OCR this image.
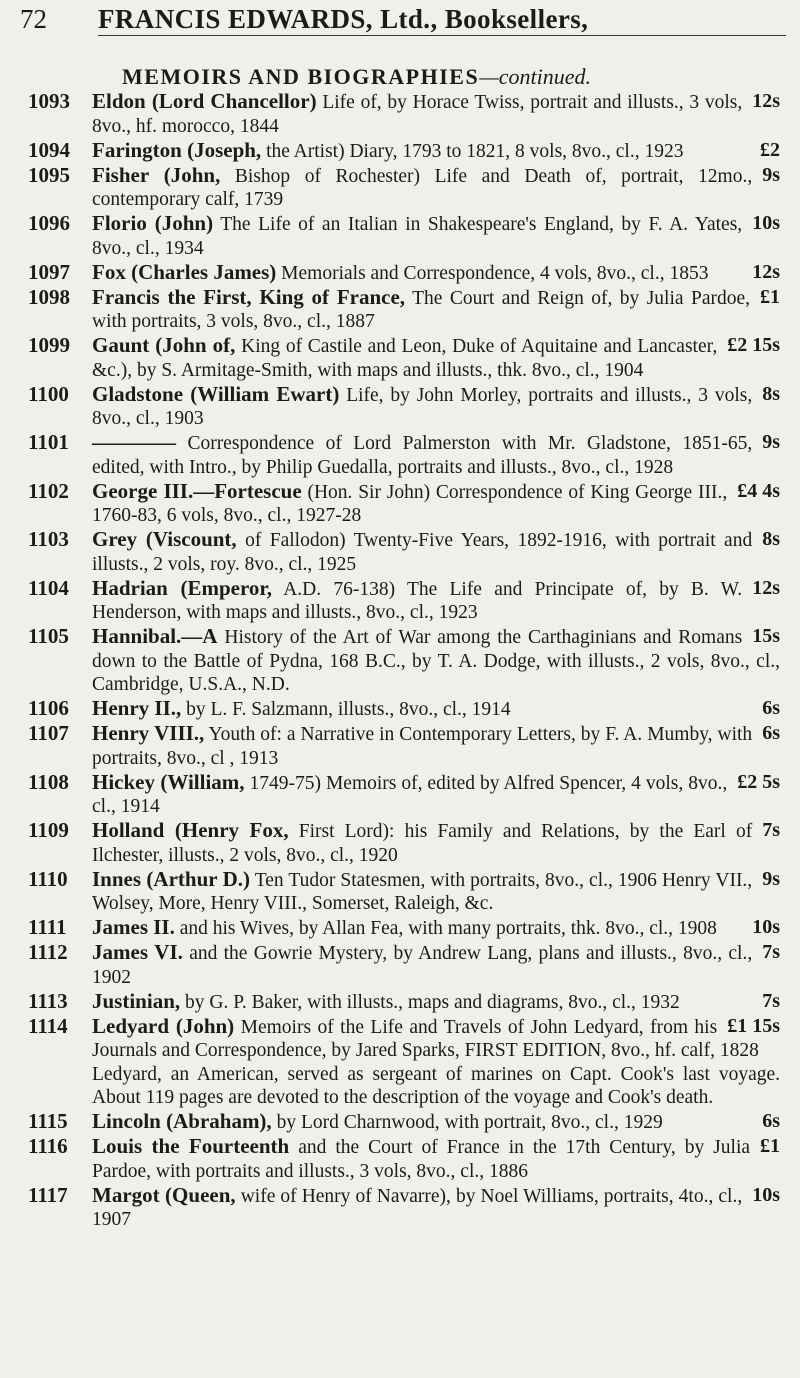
72 FRANCIS EDWARDS, Ltd., Booksellers,
MEMOIRS AND BIOGRAPHIES—continued.
1093	12s
Eldon (Lord Chancellor) Life of, by Horace Twiss, portrait and illusts., 3 vols, 8vo., hf. morocco, 1844
1094	£2
Farington (Joseph, the Artist) Diary, 1793 to 1821, 8 vols, 8vo., cl., 1923
1095	9s
Fisher (John, Bishop of Rochester) Life and Death of, portrait, 12mo., contemporary calf, 1739
1096	10s
Florio (John) The Life of an Italian in Shakespeare's England, by F. A. Yates, 8vo., cl., 1934
1097	12s
Fox (Charles James) Memorials and Correspondence, 4 vols, 8vo., cl., 1853
1098	£1
Francis the First, King of France, The Court and Reign of, by Julia Pardoe, with portraits, 3 vols, 8vo., cl., 1887
1099	£2 15s
Gaunt (John of, King of Castile and Leon, Duke of Aquitaine and Lancaster, &c.), by S. Armitage-Smith, with maps and illusts., thk. 8vo., cl., 1904
1100	8s
Gladstone (William Ewart) Life, by John Morley, portraits and illusts., 3 vols, 8vo., cl., 1903
1101	9s
———— Correspondence of Lord Palmerston with Mr. Gladstone, 1851-65, edited, with Intro., by Philip Guedalla, portraits and illusts., 8vo., cl., 1928
1102	£4 4s
George III.—Fortescue (Hon. Sir John) Correspondence of King George III., 1760-83, 6 vols, 8vo., cl., 1927-28
1103	8s
Grey (Viscount, of Fallodon) Twenty-Five Years, 1892-1916, with portrait and illusts., 2 vols, roy. 8vo., cl., 1925
1104	12s
Hadrian (Emperor, A.D. 76-138) The Life and Principate of, by B. W. Henderson, with maps and illusts., 8vo., cl., 1923
1105	15s
Hannibal.—A History of the Art of War among the Carthaginians and Romans down to the Battle of Pydna, 168 B.C., by T. A. Dodge, with illusts., 2 vols, 8vo., cl., Cambridge, U.S.A., N.D.
1106	6s
Henry II., by L. F. Salzmann, illusts., 8vo., cl., 1914
1107	6s
Henry VIII., Youth of: a Narrative in Contemporary Letters, by F. A. Mumby, with portraits, 8vo., cl , 1913
1108	£2 5s
Hickey (William, 1749-75) Memoirs of, edited by Alfred Spencer, 4 vols, 8vo., cl., 1914
1109	7s
Holland (Henry Fox, First Lord): his Family and Relations, by the Earl of Ilchester, illusts., 2 vols, 8vo., cl., 1920
1110	9s
Innes (Arthur D.) Ten Tudor Statesmen, with portraits, 8vo., cl., 1906 Henry VII., Wolsey, More, Henry VIII., Somerset, Raleigh, &c.
1111	10s
James II. and his Wives, by Allan Fea, with many portraits, thk. 8vo., cl., 1908
1112	7s
James VI. and the Gowrie Mystery, by Andrew Lang, plans and illusts., 8vo., cl., 1902
1113	7s
Justinian, by G. P. Baker, with illusts., maps and diagrams, 8vo., cl., 1932
1114	£1 15s
Ledyard (John) Memoirs of the Life and Travels of John Ledyard, from his Journals and Correspondence, by Jared Sparks, FIRST EDITION, 8vo., hf. calf, 1828
Ledyard, an American, served as sergeant of marines on Capt. Cook's last voyage. About 119 pages are devoted to the description of the voyage and Cook's death.
1115	6s
Lincoln (Abraham), by Lord Charnwood, with portrait, 8vo., cl., 1929
1116	£1
Louis the Fourteenth and the Court of France in the 17th Century, by Julia Pardoe, with portraits and illusts., 3 vols, 8vo., cl., 1886
1117	10s
Margot (Queen, wife of Henry of Navarre), by Noel Williams, portraits, 4to., cl., 1907
